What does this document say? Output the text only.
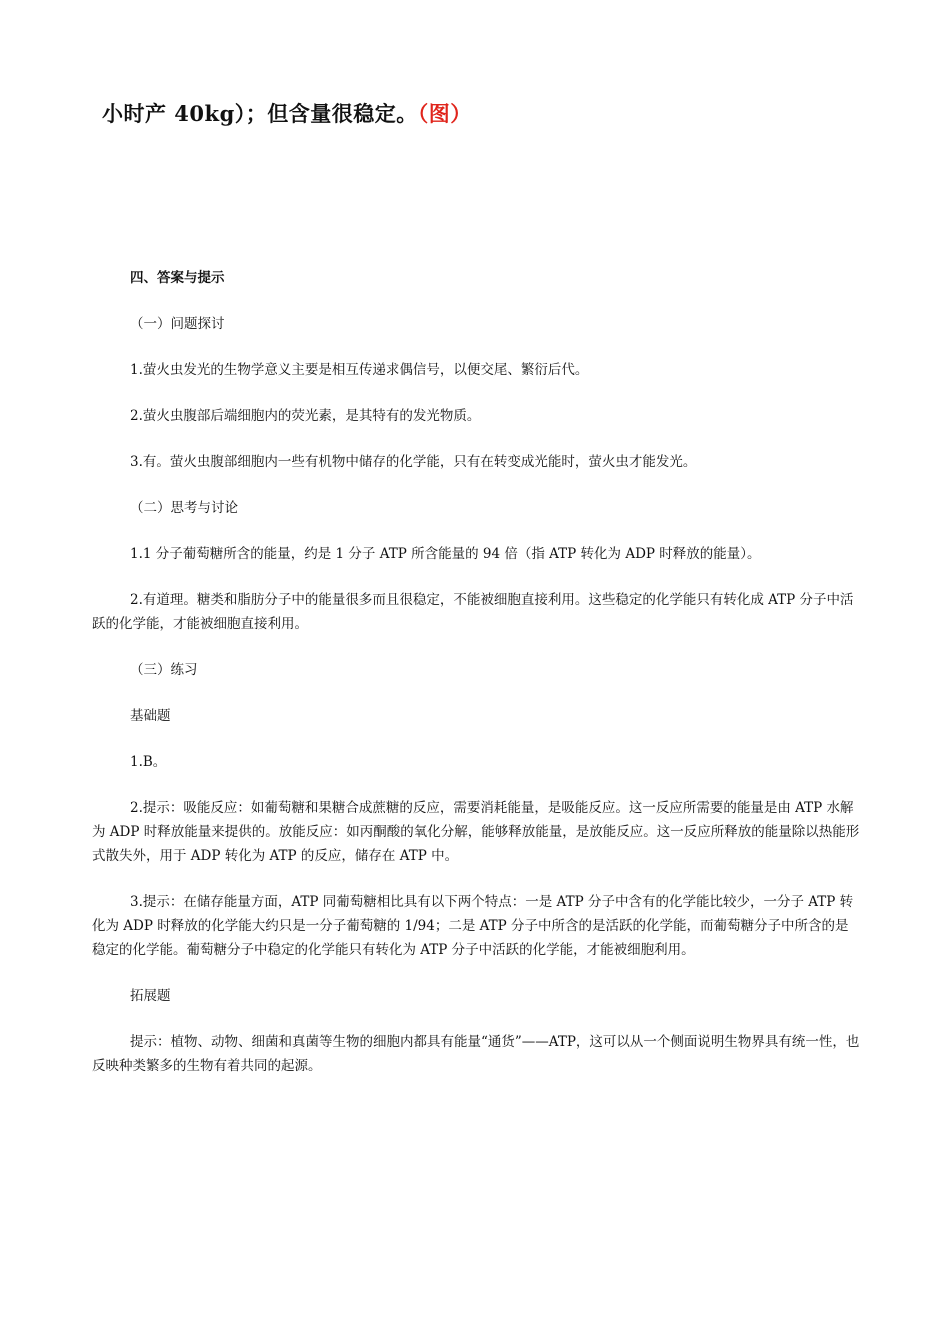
小时产 40kg）；但含量很稳定。（图）

四、答案与提示

（一）问题探讨

1.萤火虫发光的生物学意义主要是相互传递求偶信号，以便交尾、繁衍后代。

2.萤火虫腹部后端细胞内的荧光素，是其特有的发光物质。

3.有。萤火虫腹部细胞内一些有机物中储存的化学能，只有在转变成光能时，萤火虫才能发光。

（二）思考与讨论

1.1 分子葡萄糖所含的能量，约是 1 分子 ATP 所含能量的 94 倍（指 ATP 转化为 ADP 时释放的能量）。

2.有道理。糖类和脂肪分子中的能量很多而且很稳定，不能被细胞直接利用。这些稳定的化学能只有转化成 ATP 分子中活跃的化学能，才能被细胞直接利用。

（三）练习

基础题

1.B。

2.提示：吸能反应：如葡萄糖和果糖合成蔗糖的反应，需要消耗能量，是吸能反应。这一反应所需要的能量是由 ATP 水解为 ADP 时释放能量来提供的。放能反应：如丙酮酸的氧化分解，能够释放能量，是放能反应。这一反应所释放的能量除以热能形式散失外，用于 ADP 转化为 ATP 的反应，储存在 ATP 中。

3.提示：在储存能量方面，ATP 同葡萄糖相比具有以下两个特点：一是 ATP 分子中含有的化学能比较少，一分子 ATP 转化为 ADP 时释放的化学能大约只是一分子葡萄糖的 1/94；二是 ATP 分子中所含的是活跃的化学能，而葡萄糖分子中所含的是稳定的化学能。葡萄糖分子中稳定的化学能只有转化为 ATP 分子中活跃的化学能，才能被细胞利用。

拓展题

提示：植物、动物、细菌和真菌等生物的细胞内都具有能量“通货”——ATP，这可以从一个侧面说明生物界具有统一性，也反映种类繁多的生物有着共同的起源。
